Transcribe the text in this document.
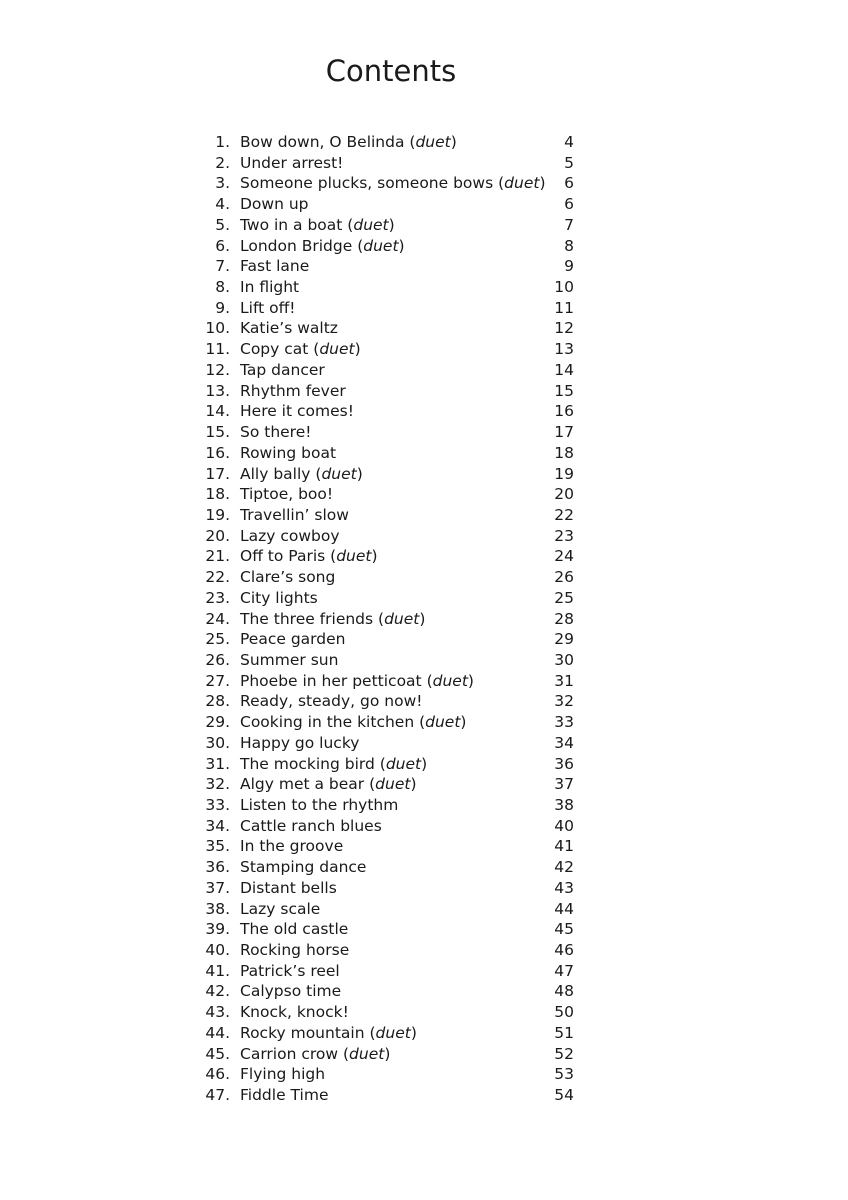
Contents
1. Bow down, O Belinda (duet)	4
2. Under arrest!	5
3. Someone plucks, someone bows (duet)	6
4. Down up	6
5. Two in a boat (duet)	7
6. London Bridge (duet)	8
7. Fast lane	9
8. In flight	10
9. Lift off!	11
10. Katie’s waltz	12
11. Copy cat (duet)	13
12. Tap dancer	14
13. Rhythm fever	15
14. Here it comes!	16
15. So there!	17
16. Rowing boat	18
17. Ally bally (duet)	19
18. Tiptoe, boo!	20
19. Travellin’ slow	22
20. Lazy cowboy	23
21. Off to Paris (duet)	24
22. Clare’s song	26
23. City lights	25
24. The three friends (duet)	28
25. Peace garden	29
26. Summer sun	30
27. Phoebe in her petticoat (duet)	31
28. Ready, steady, go now!	32
29. Cooking in the kitchen (duet)	33
30. Happy go lucky	34
31. The mocking bird (duet)	36
32. Algy met a bear (duet)	37
33. Listen to the rhythm	38
34. Cattle ranch blues	40
35. In the groove	41
36. Stamping dance	42
37. Distant bells	43
38. Lazy scale	44
39. The old castle	45
40. Rocking horse	46
41. Patrick’s reel	47
42. Calypso time	48
43. Knock, knock!	50
44. Rocky mountain (duet)	51
45. Carrion crow (duet)	52
46. Flying high	53
47. Fiddle Time	54
